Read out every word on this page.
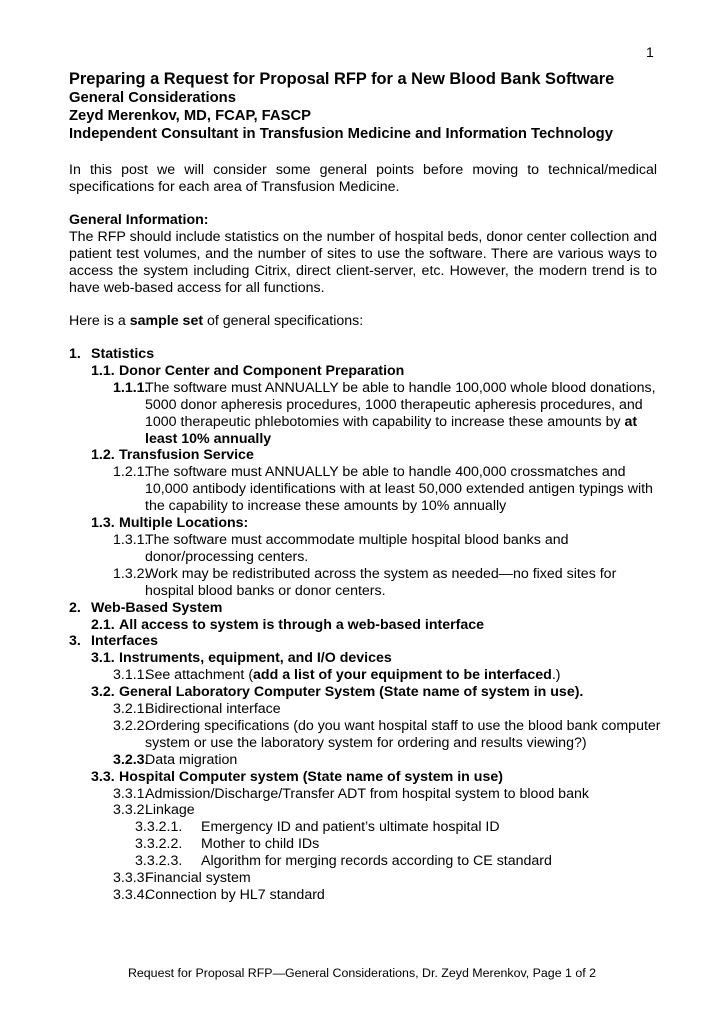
1
Preparing a Request for Proposal RFP for a New Blood Bank Software
General Considerations
Zeyd Merenkov, MD, FCAP, FASCP
Independent Consultant in Transfusion Medicine and Information Technology
In this post we will consider some general points before moving to technical/medical specifications for each area of Transfusion Medicine.
General Information:
The RFP should include statistics on the number of hospital beds, donor center collection and patient test volumes, and the number of sites to use the software. There are various ways to access the system including Citrix, direct client-server, etc. However, the modern trend is to have web-based access for all functions.
Here is a sample set of general specifications:
1. Statistics
1.1. Donor Center and Component Preparation
1.1.1.
The software must ANNUALLY be able to handle 100,000 whole blood donations, 5000 donor apheresis procedures, 1000 therapeutic apheresis procedures, and 1000 therapeutic phlebotomies with capability to increase these amounts by at least 10% annually
1.2. Transfusion Service
1.2.1.
The software must ANNUALLY be able to handle 400,000 crossmatches and 10,000 antibody identifications with at least 50,000 extended antigen typings with the capability to increase these amounts by 10% annually
1.3. Multiple Locations:
1.3.1.
The software must accommodate multiple hospital blood banks and donor/processing centers.
1.3.2.
Work may be redistributed across the system as needed—no fixed sites for hospital blood banks or donor centers.
2. Web-Based System
2.1. All access to system is through a web-based interface
3. Interfaces
3.1. Instruments, equipment, and I/O devices
3.1.1.
See attachment (add a list of your equipment to be interfaced.)
3.2. General Laboratory Computer System (State name of system in use).
3.2.1.
Bidirectional interface
3.2.2.
Ordering specifications (do you want hospital staff to use the blood bank computer system or use the laboratory system for ordering and results viewing?)
3.2.3.
Data migration
3.3. Hospital Computer system (State name of system in use)
3.3.1.
Admission/Discharge/Transfer ADT from hospital system to blood bank
3.3.2.
Linkage
3.3.2.1.	Emergency ID and patient’s ultimate hospital ID
3.3.2.2.	Mother to child IDs
3.3.2.3.	Algorithm for merging records according to CE standard
3.3.3.
Financial system
3.3.4.
Connection by HL7 standard
Request for Proposal RFP—General Considerations, Dr. Zeyd Merenkov, Page 1 of 2
